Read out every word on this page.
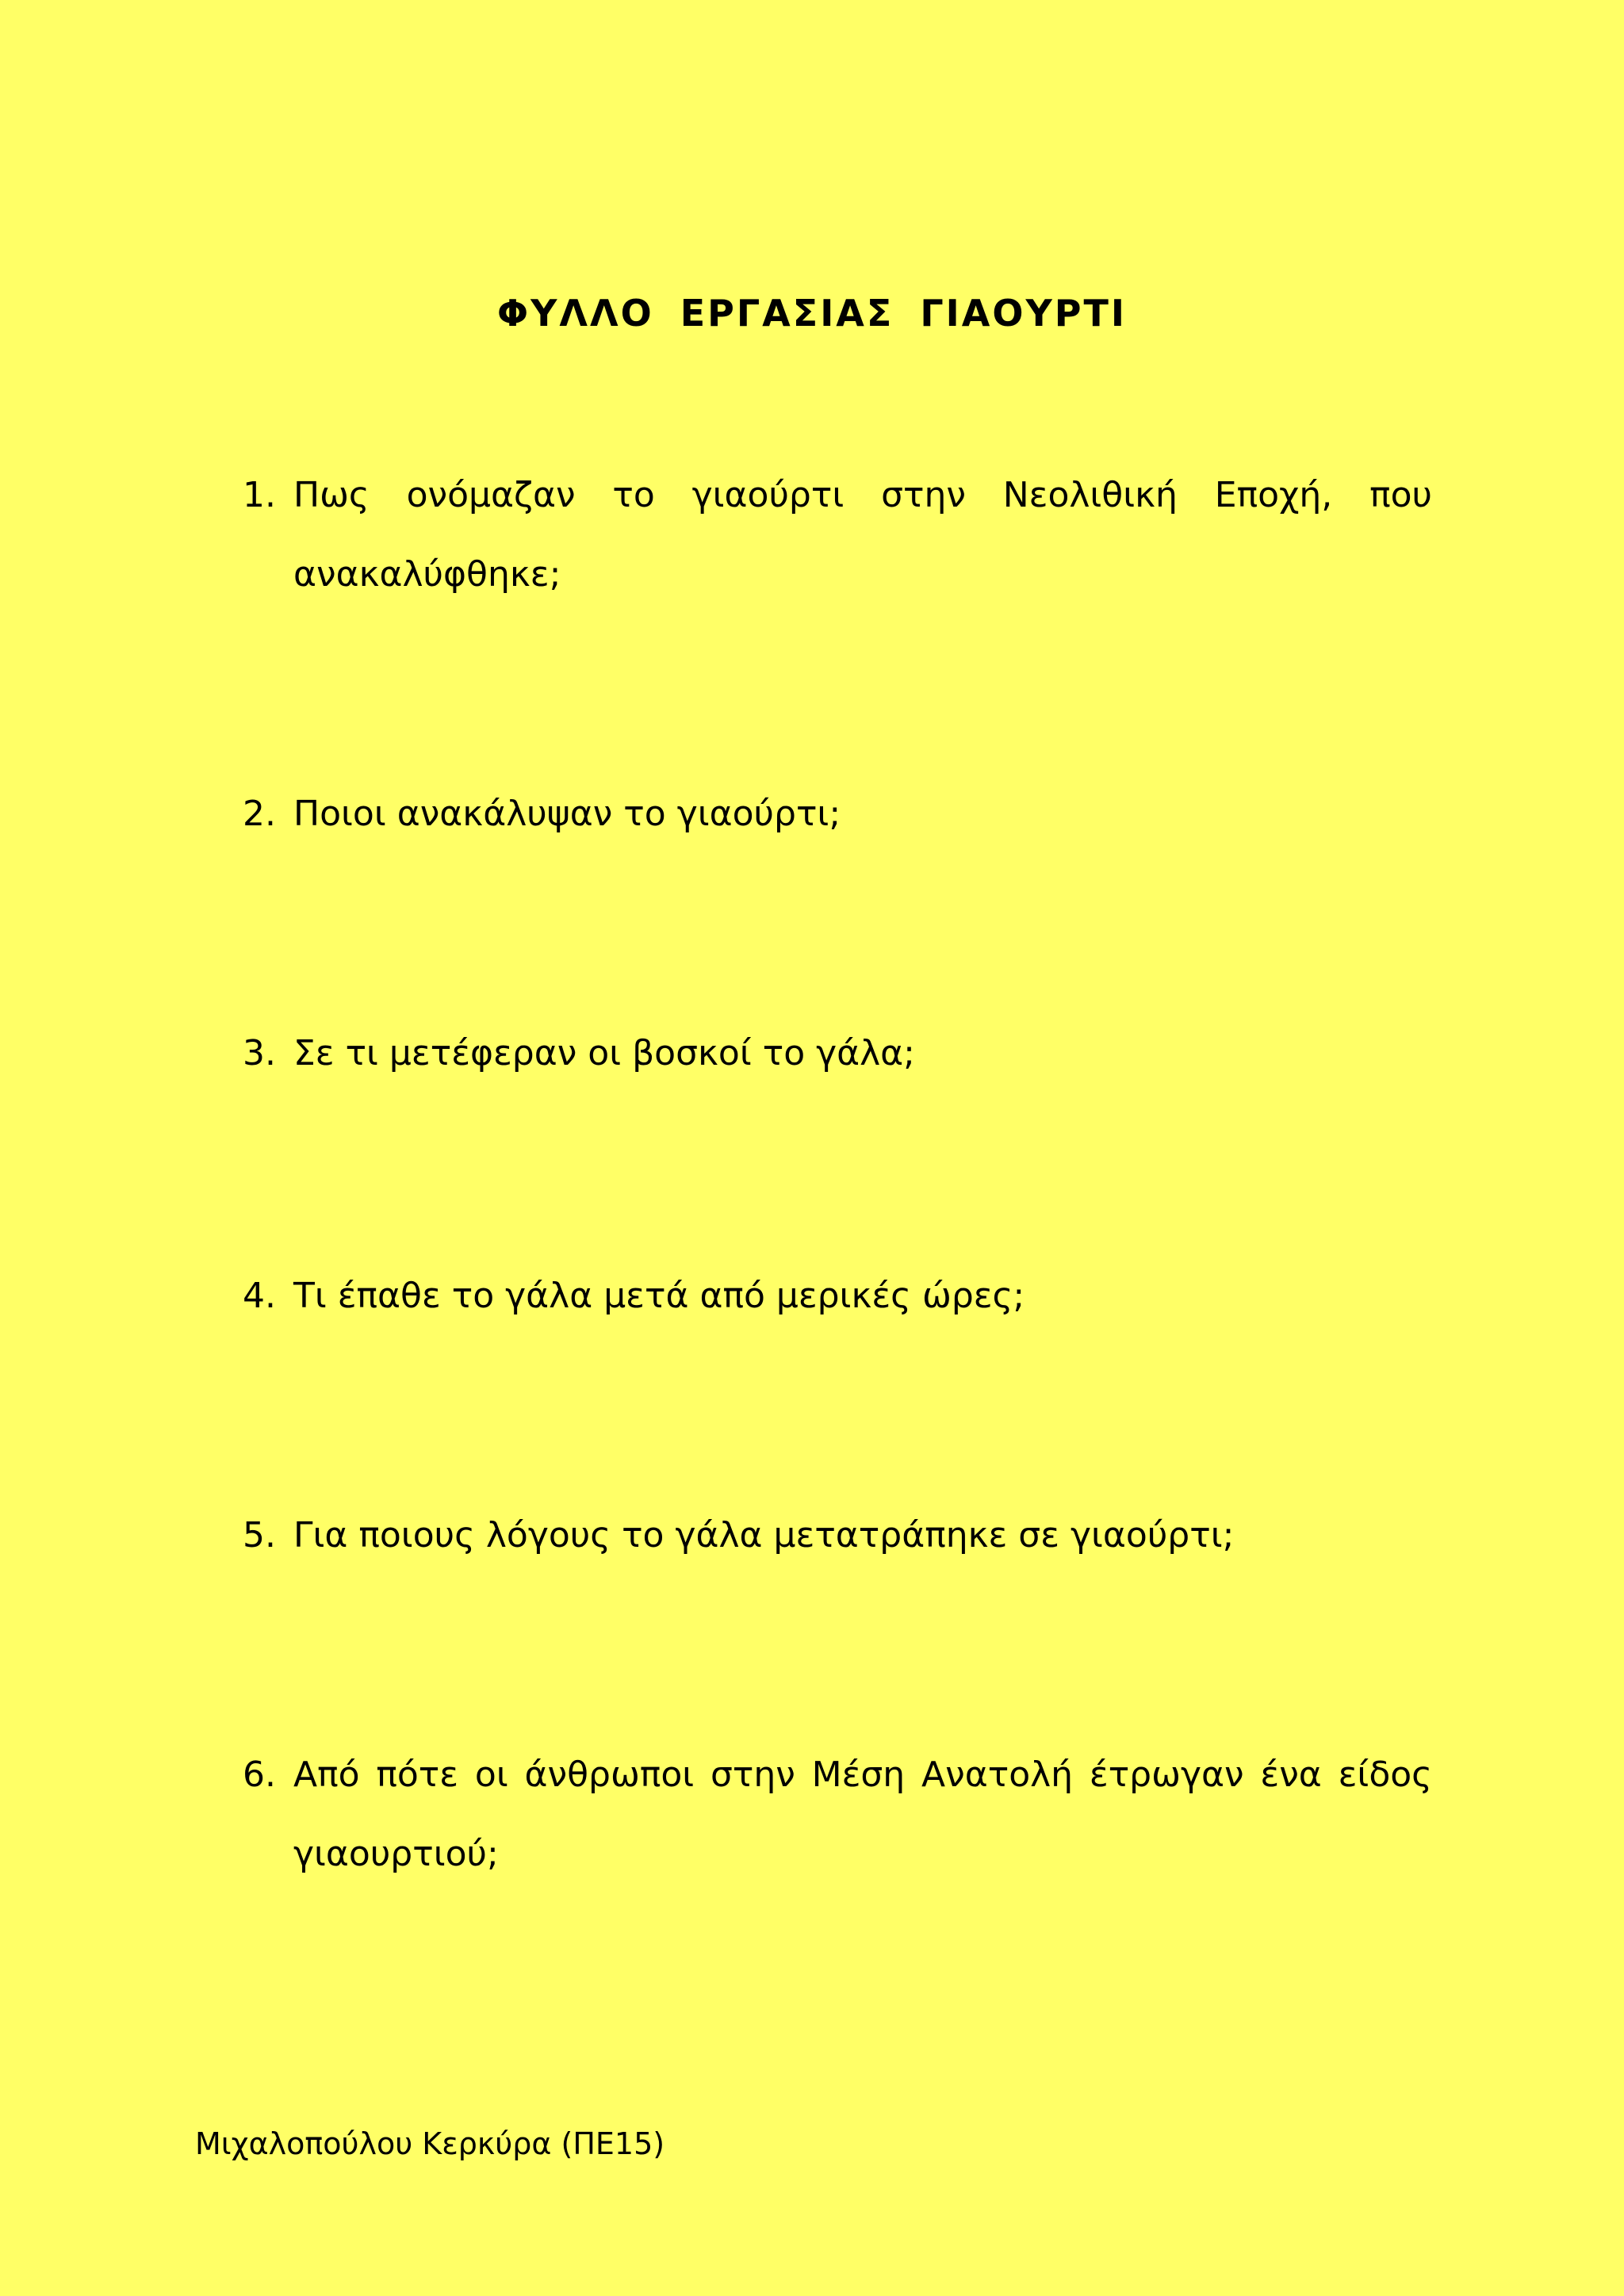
ΦΥΛΛΟ ΕΡΓΑΣΙΑΣ ΓΙΑΟΥΡΤΙ
1. Πως ονόμαζαν το γιαούρτι στην Νεολιθική Εποχή, που ανακαλύφθηκε;
2. Ποιοι ανακάλυψαν το γιαούρτι;
3. Σε τι μετέφεραν οι βοσκοί το γάλα;
4. Τι έπαθε το γάλα μετά από μερικές ώρες;
5. Για ποιους λόγους το γάλα μετατράπηκε σε γιαούρτι;
6. Από πότε οι άνθρωποι στην Μέση Ανατολή έτρωγαν ένα είδος γιαουρτιού;
Μιχαλοπούλου Κερκύρα (ΠΕ15)
